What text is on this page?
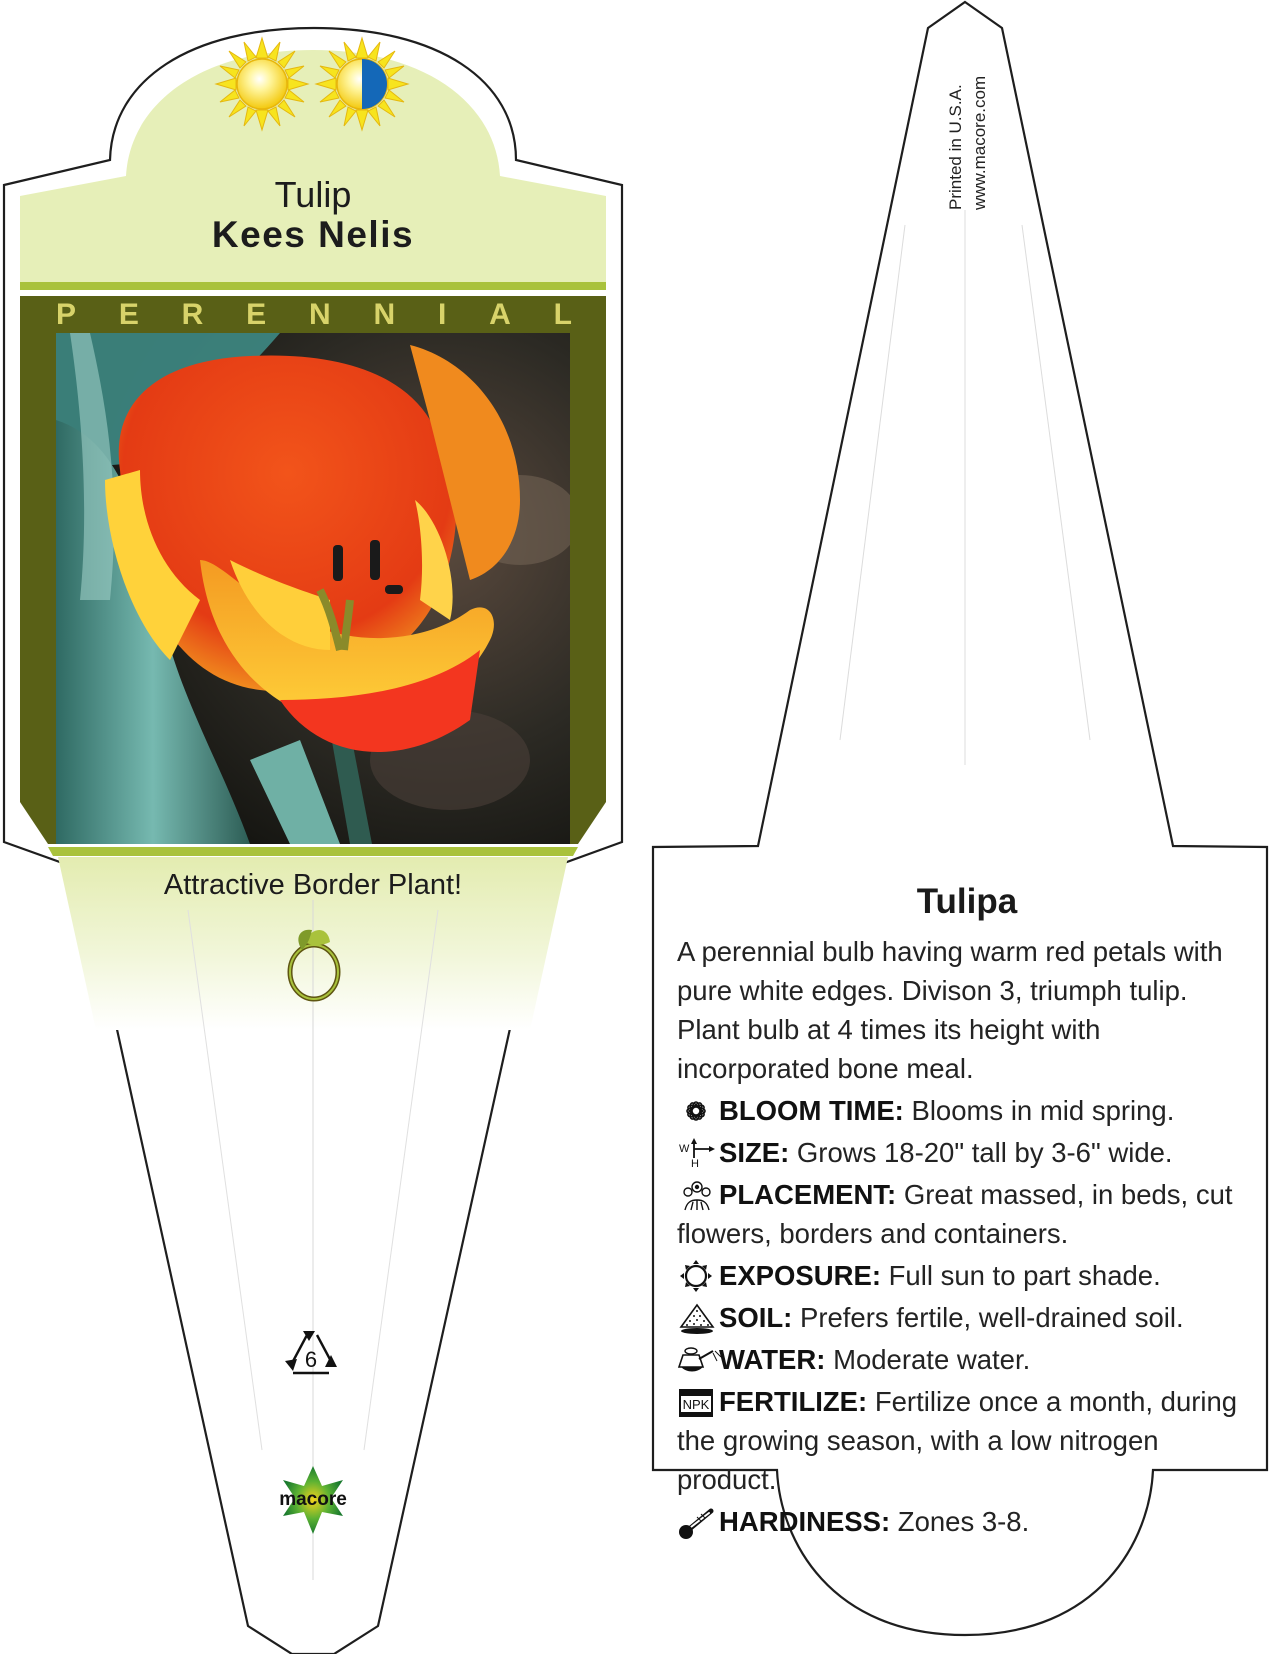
Tulip
Kees Nelis
P E R E N N I A L
Attractive Border Plant!
6
macore
Printed in U.S.A. www.macore.com
Tulipa
A perennial bulb having warm red petals with pure white edges. Divison 3, triumph tulip. Plant bulb at 4 times its height with incorporated bone meal.
BLOOM TIME: Blooms in mid spring.
W
H SIZE: Grows 18-20" tall by 3-6" wide.
PLACEMENT: Great massed, in beds, cut flowers, borders and containers.
EXPOSURE: Full sun to part shade.
SOIL: Prefers fertile, well-drained soil.
WATER: Moderate water.
NPK FERTILIZE: Fertilize once a month, during the growing season, with a low nitrogen product.
HARDINESS: Zones 3-8.
